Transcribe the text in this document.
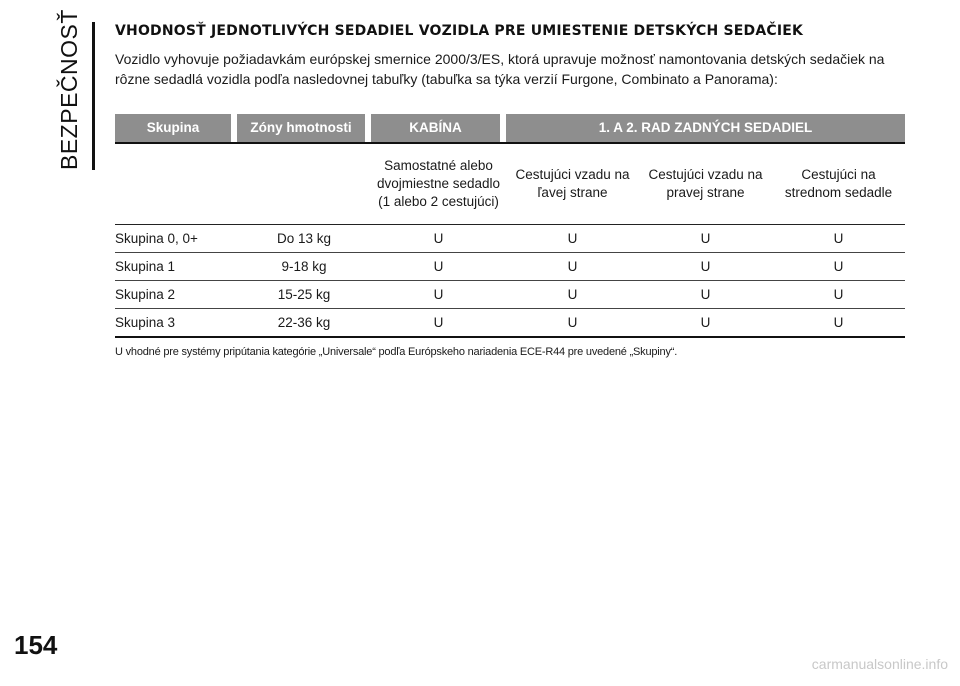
BEZPEČNOSŤ	VHODNOSŤ JEDNOTLIVÝCH SEDADIEL VOZIDLA PRE UMIESTENIE DETSKÝCH SEDAČIEK

Vozidlo vyhovuje požiadavkám európskej smernice 2000/3/ES, ktorá upravuje možnosť namontovania detských sedačiek na rôzne sedadlá vozidla podľa nasledovnej tabuľky (tabuľka sa týka verzií Furgone, Combinato a Panorama):

Skupina	Zóny hmotnosti	KABÍNA	1. A 2. RAD ZADNÝCH SEDADIEL		

		Samostatné alebo dvojmiestne sedadlo (1 alebo 2 cestujúci)	Cestujúci vzadu na ľavej strane	Cestujúci vzadu na pravej strane	Cestujúci na strednom sedadle
Skupina 0, 0+	Do 13 kg	U	U	U	U
Skupina 1	9-18 kg	U	U	U	U
Skupina 2	15-25 kg	U	U	U	U
Skupina 3	22-36 kg	U	U	U	U
U vhodné pre systémy pripútania kategórie „Universale“ podľa Európskeho nariadenia ECE-R44 pre uvedené „Skupiny“.
154
carmanualsonline.info
